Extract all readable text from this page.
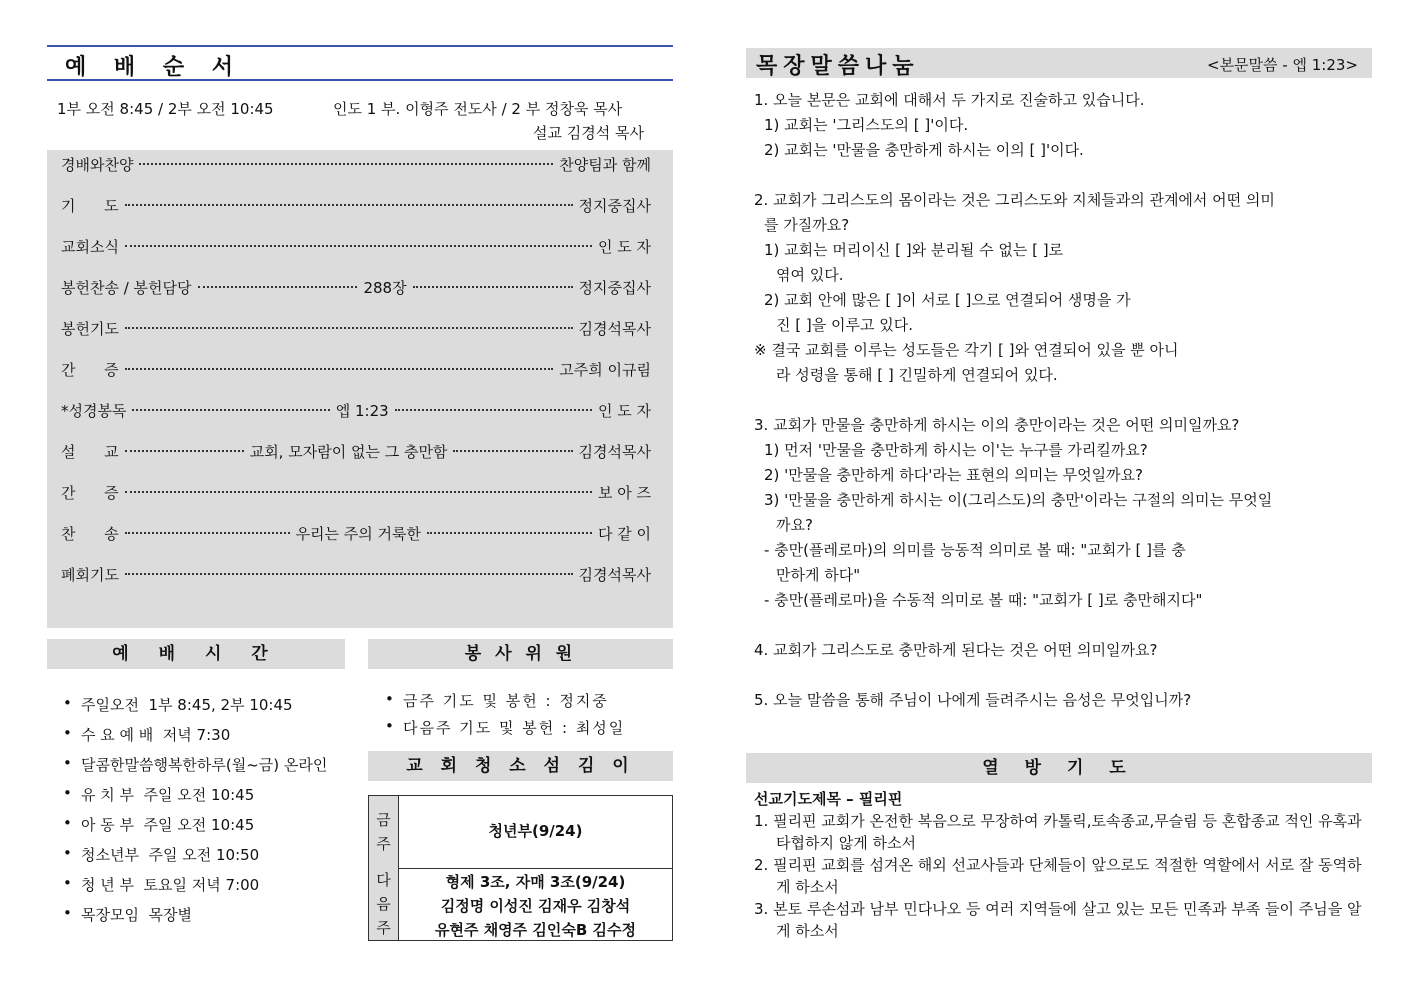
예 배 순 서
1부 오전 8:45 / 2부 오전 10:45	인도 1 부. 이형주 전도사 / 2 부 정창욱 목사
설교 김경석 목사
경배와찬양	찬양팀과 함께
기      도	정지중집사
교회소식	인 도 자
봉헌찬송 / 봉헌담당	288장	정지중집사
봉헌기도	김경석목사
간      증	고주희 이규림
*성경봉독	엡 1:23	인 도 자
설      교	교회, 모자람이 없는 그 충만함	김경석목사
간      증	보 아 즈
찬      송	우리는 주의 거룩한	다 같 이
폐회기도	김경석목사
예 배 시 간
• 주일오전  1부 8:45, 2부 10:45
• 수 요 예 배  저녁 7:30
• 달콤한말씀행복한하루(월~금) 온라인
• 유 치 부  주일 오전 10:45
• 아 동 부  주일 오전 10:45
• 청소년부  주일 오전 10:50
• 청 년 부  토요일 저녁 7:00
• 목장모임  목장별
봉 사 위 원
• 금주 기도 및 봉헌 : 정지중
• 다음주 기도 및 봉헌 : 최성일
교 회 청 소 섬 김 이
금
주
청년부(9/24)
다
음
주
형제 3조, 자매 3조(9/24)
김정명 이성진 김재우 김창석
유현주 채영주 김인숙B 김수정
목장말씀나눔	<본문말씀 - 엡 1:23>
1. 오늘 본문은 교회에 대해서 두 가지로 진술하고 있습니다.
1) 교회는 '그리스도의 [ ]'이다.
2) 교회는 '만물을 충만하게 하시는 이의 [ ]'이다.
2. 교회가 그리스도의 몸이라는 것은 그리스도와 지체들과의 관계에서 어떤 의미
를 가질까요?
1) 교회는 머리이신 [ ]와 분리될 수 없는 [ ]로
엮여 있다.
2) 교회 안에 많은 [ ]이 서로 [ ]으로 연결되어 생명을 가
진 [ ]을 이루고 있다.
※ 결국 교회를 이루는 성도들은 각기 [ ]와 연결되어 있을 뿐 아니
라 성령을 통해 [ ] 긴밀하게 연결되어 있다.
3. 교회가 만물을 충만하게 하시는 이의 충만이라는 것은 어떤 의미일까요?
1) 먼저 '만물을 충만하게 하시는 이'는 누구를 가리킬까요?
2) '만물을 충만하게 하다'라는 표현의 의미는 무엇일까요?
3) '만물을 충만하게 하시는 이(그리스도)의 충만'이라는 구절의 의미는 무엇일
까요?
- 충만(플레로마)의 의미를 능동적 의미로 볼 때: "교회가 [ ]를 충
만하게 하다"
- 충만(플레로마)을 수동적 의미로 볼 때: "교회가 [ ]로 충만해지다"
4. 교회가 그리스도로 충만하게 된다는 것은 어떤 의미일까요?
5. 오늘 말씀을 통해 주님이 나에게 들려주시는 음성은 무엇입니까?
열 방 기 도
선교기도제목 – 필리핀
1. 필리핀 교회가 온전한 복음으로 무장하여 카톨릭,토속종교,무슬림 등 혼합종교 적인 유혹과 타협하지 않게 하소서
2. 필리핀 교회를 섬겨온 해외 선교사들과 단체들이 앞으로도 적절한 역할에서 서로 잘 동역하게 하소서
3. 본토 루손섬과 남부 민다나오 등 여러 지역들에 살고 있는 모든 민족과 부족 들이 주님을 알게 하소서
